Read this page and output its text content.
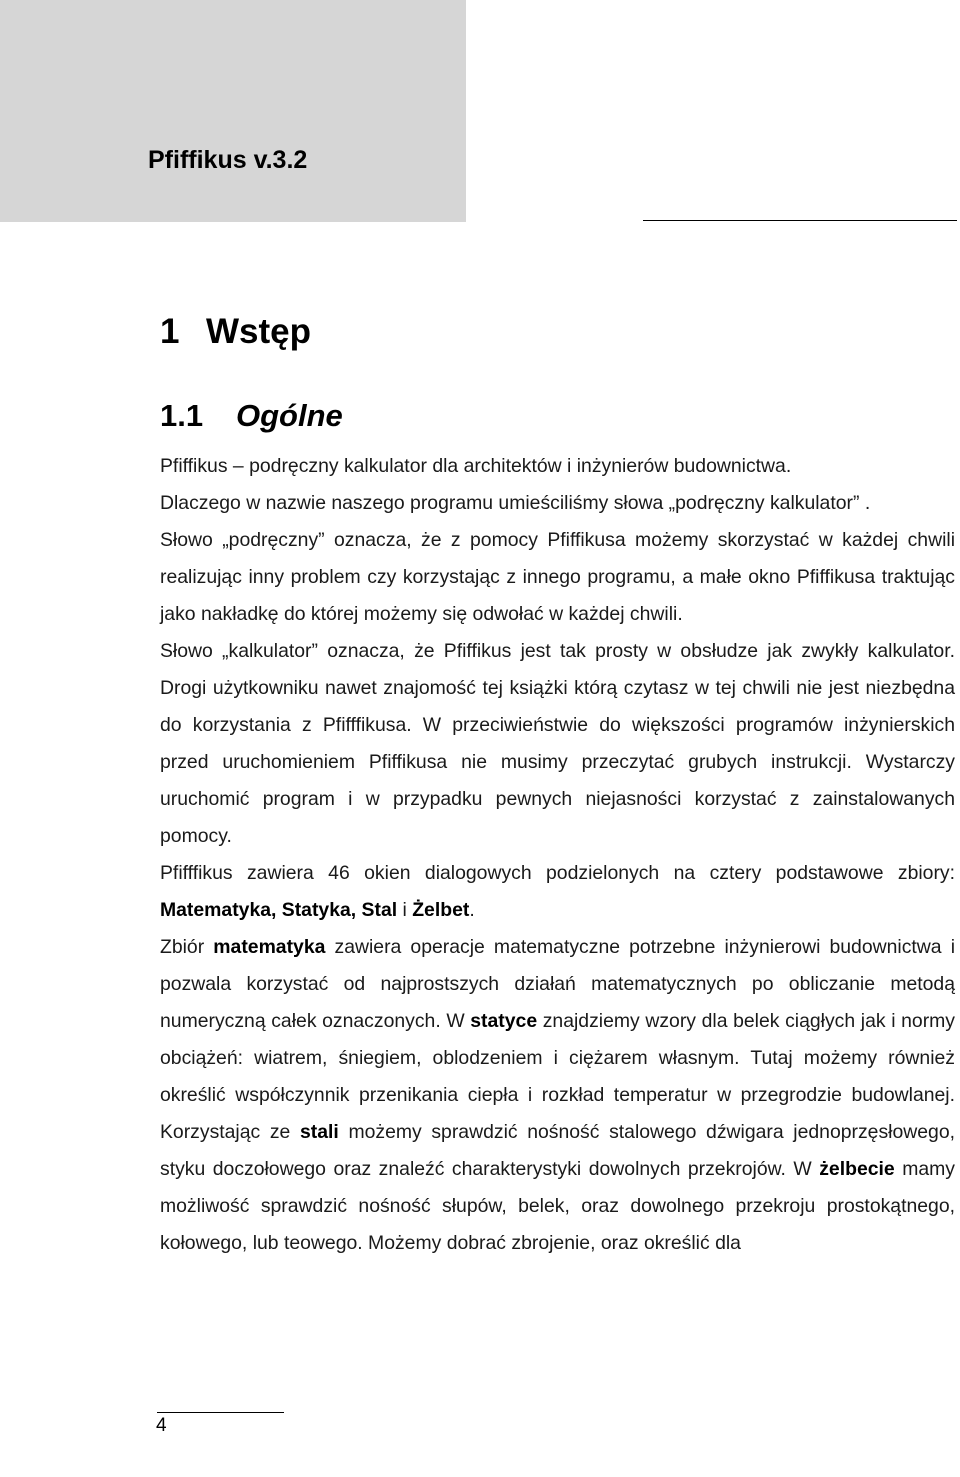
Pfiffikus v.3.2
1 Wstęp
1.1 Ogólne

Pfiffikus – podręczny kalkulator dla architektów i inżynierów budownictwa.

Dlaczego w nazwie naszego programu umieściliśmy słowa „podręczny kalkulator” .

Słowo „podręczny” oznacza, że z pomocy Pfiffikusa możemy skorzystać w każdej chwili realizując inny problem czy korzystając z innego programu, a małe okno Pfiffikusa traktując jako nakładkę do której możemy się odwołać w każdej chwili.

Słowo „kalkulator” oznacza, że Pfiffikus jest tak prosty w obsłudze jak zwykły kalkulator. Drogi użytkowniku nawet znajomość tej książki którą czytasz w tej chwili nie jest niezbędna do korzystania z Pfifffikusa. W przeciwieństwie do większości programów inżynierskich przed uruchomieniem Pfiffikusa nie musimy przeczytać grubych instrukcji. Wystarczy uruchomić program i w przypadku pewnych niejasności korzystać z zainstalowanych pomocy.

Pfifffikus zawiera 46 okien dialogowych podzielonych na cztery podstawowe zbiory: Matematyka, Statyka, Stal i Żelbet.

Zbiór matematyka zawiera operacje matematyczne potrzebne inżynierowi budownictwa i pozwala korzystać od najprostszych działań matematycznych po obliczanie metodą numeryczną całek oznaczonych. W statyce znajdziemy wzory dla belek ciągłych jak i normy obciążeń: wiatrem, śniegiem, oblodzeniem i ciężarem własnym. Tutaj możemy również określić współczynnik przenikania ciepła i rozkład temperatur w przegrodzie budowlanej. Korzystając ze stali możemy sprawdzić nośność stalowego dźwigara jednoprzęsłowego, styku doczołowego oraz znaleźć charakterystyki dowolnych przekrojów. W żelbecie mamy możliwość sprawdzić nośność słupów, belek, oraz dowolnego przekroju prostokątnego, kołowego, lub teowego. Możemy dobrać zbrojenie, oraz określić dla

4
